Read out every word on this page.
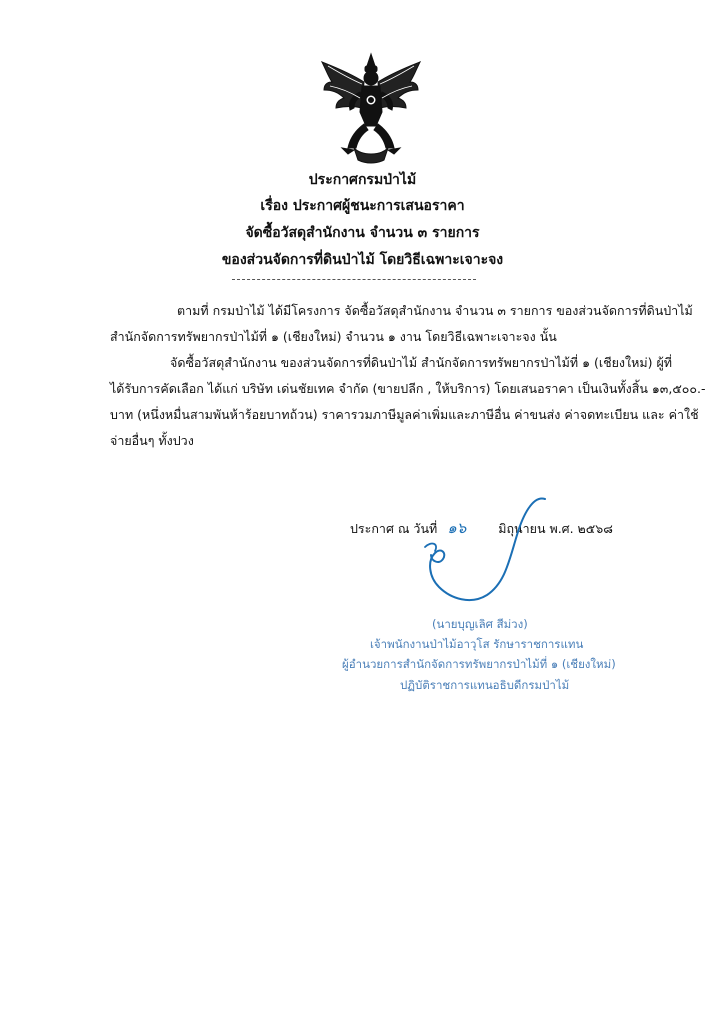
ประกาศกรมป่าไม้
เรื่อง ประกาศผู้ชนะการเสนอราคา
จัดซื้อวัสดุสำนักงาน จำนวน ๓ รายการ
ของส่วนจัดการที่ดินป่าไม้ โดยวิธีเฉพาะเจาะจง
ตามที่ กรมป่าไม้ ได้มีโครงการ จัดซื้อวัสดุสำนักงาน จำนวน ๓ รายการ ของส่วนจัดการที่ดินป่าไม้
สำนักจัดการทรัพยากรป่าไม้ที่ ๑ (เชียงใหม่) จำนวน ๑ งาน โดยวิธีเฉพาะเจาะจง นั้น
จัดซื้อวัสดุสำนักงาน ของส่วนจัดการที่ดินป่าไม้ สำนักจัดการทรัพยากรป่าไม้ที่ ๑ (เชียงใหม่) ผู้ที่
ได้รับการคัดเลือก ได้แก่ บริษัท เด่นชัยเทค จำกัด (ขายปลีก , ให้บริการ) โดยเสนอราคา เป็นเงินทั้งสิ้น ๑๓,๕๐๐.-
บาท (หนึ่งหมื่นสามพันห้าร้อยบาทถ้วน) ราคารวมภาษีมูลค่าเพิ่มและภาษีอื่น ค่าขนส่ง ค่าจดทะเบียน และ ค่าใช้
จ่ายอื่นๆ ทั้งปวง
ประกาศ ณ วันที่ ๑๖	มิถุนายน พ.ศ. ๒๕๖๘
(นายบุญเลิศ สีม่วง)
เจ้าพนักงานป่าไม้อาวุโส รักษาราชการแทน
ผู้อำนวยการสำนักจัดการทรัพยากรป่าไม้ที่ ๑ (เชียงใหม่)
ปฏิบัติราชการแทนอธิบดีกรมป่าไม้
